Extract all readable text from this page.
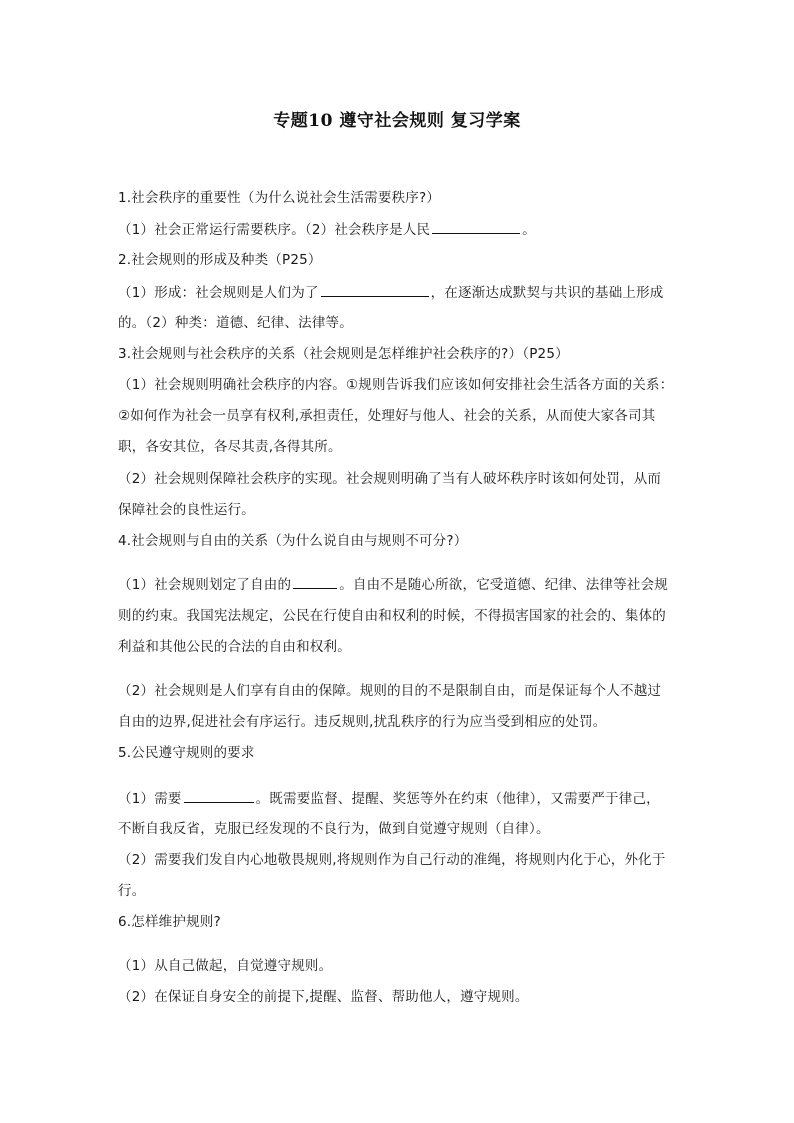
专题10 遵守社会规则 复习学案
1.社会秩序的重要性（为什么说社会生活需要秩序?）
（1）社会正常运行需要秩序。（2）社会秩序是人民	。
2.社会规则的形成及种类（P25）
（1）形成：社会规则是人们为了	，在逐渐达成默契与共识的基础上形成
的。（2）种类：道德、纪律、法律等。
3.社会规则与社会秩序的关系（社会规则是怎样维护社会秩序的?）（P25）
（1）社会规则明确社会秩序的内容。①规则告诉我们应该如何安排社会生活各方面的关系：
②如何作为社会一员享有权利,承担责任，处理好与他人、社会的关系，从而使大家各司其
职，各安其位，各尽其责,各得其所。
（2）社会规则保障社会秩序的实现。社会规则明确了当有人破坏秩序时该如何处罚，从而
保障社会的良性运行。
4.社会规则与自由的关系（为什么说自由与规则不可分?）
（1）社会规则划定了自由的	。自由不是随心所欲，它受道德、纪律、法律等社会规
则的约束。我国宪法规定，公民在行使自由和权利的时候，不得损害国家的社会的、集体的
利益和其他公民的合法的自由和权利。
（2）社会规则是人们享有自由的保障。规则的目的不是限制自由，而是保证每个人不越过
自由的边界,促进社会有序运行。违反规则,扰乱秩序的行为应当受到相应的处罚。
5.公民遵守规则的要求
（1）需要	。既需要监督、提醒、奖惩等外在约束（他律），又需要严于律己，
不断自我反省，克服已经发现的不良行为，做到自觉遵守规则（自律）。
（2）需要我们发自内心地敬畏规则,将规则作为自己行动的准绳，将规则内化于心，外化于
行。
6.怎样维护规则?
（1）从自己做起，自觉遵守规则。
（2）在保证自身安全的前提下,提醒、监督、帮助他人，遵守规则。
